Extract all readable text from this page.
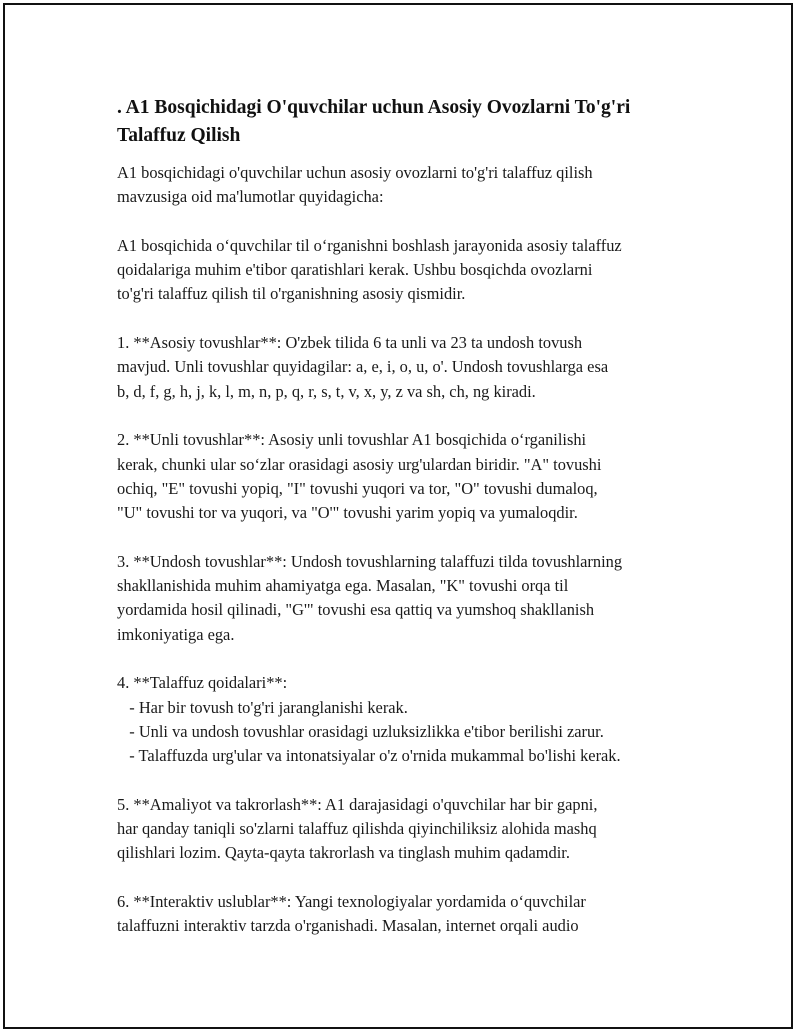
. A1 Bosqichidagi O'quvchilar uchun Asosiy Ovozlarni To'g'ri
Talaffuz Qilish

A1 bosqichidagi o'quvchilar uchun asosiy ovozlarni to'g'ri talaffuz qilish
mavzusiga oid ma'lumotlar quyidagicha:

A1 bosqichida o‘quvchilar til o‘rganishni boshlash jarayonida asosiy talaffuz
qoidalariga muhim e'tibor qaratishlari kerak. Ushbu bosqichda ovozlarni
to'g'ri talaffuz qilish til o'rganishning asosiy qismidir.

1. **Asosiy tovushlar**: O'zbek tilida 6 ta unli va 23 ta undosh tovush
mavjud. Unli tovushlar quyidagilar: a, e, i, o, u, o'. Undosh tovushlarga esa
b, d, f, g, h, j, k, l, m, n, p, q, r, s, t, v, x, y, z va sh, ch, ng kiradi.

2. **Unli tovushlar**: Asosiy unli tovushlar A1 bosqichida o‘rganilishi
kerak, chunki ular so‘zlar orasidagi asosiy urg'ulardan biridir. "A" tovushi
ochiq, "E" tovushi yopiq, "I" tovushi yuqori va tor, "O" tovushi dumaloq,
"U" tovushi tor va yuqori, va "O'" tovushi yarim yopiq va yumaloqdir.

3. **Undosh tovushlar**: Undosh tovushlarning talaffuzi tilda tovushlarning
shakllanishida muhim ahamiyatga ega. Masalan, "K" tovushi orqa til
yordamida hosil qilinadi, "G'" tovushi esa qattiq va yumshoq shakllanish
imkoniyatiga ega.

4. **Talaffuz qoidalari**:
- Har bir tovush to'g'ri jaranglanishi kerak.
- Unli va undosh tovushlar orasidagi uzluksizlikka e'tibor berilishi zarur.
- Talaffuzda urg'ular va intonatsiyalar o'z o'rnida mukammal bo'lishi kerak.

5. **Amaliyot va takrorlash**: A1 darajasidagi o'quvchilar har bir gapni,
har qanday taniqli so'zlarni talaffuz qilishda qiyinchiliksiz alohida mashq
qilishlari lozim. Qayta-qayta takrorlash va tinglash muhim qadamdir.

6. **Interaktiv uslublar**: Yangi texnologiyalar yordamida o‘quvchilar
talaffuzni interaktiv tarzda o'rganishadi. Masalan, internet orqali audio
